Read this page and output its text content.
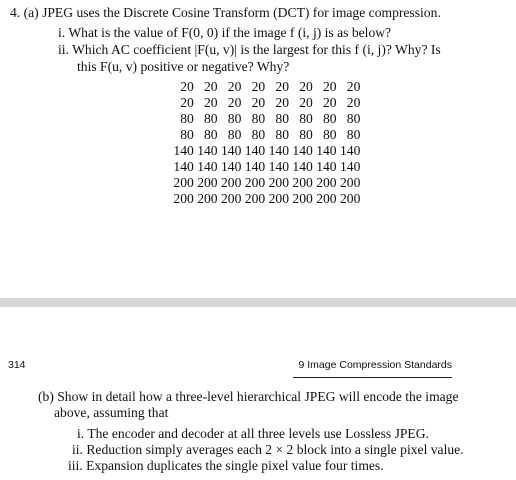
4. (a) JPEG uses the Discrete Cosine Transform (DCT) for image compression.
i. What is the value of F(0, 0) if the image f (i, j) is as below?
ii. Which AC coefficient |F(u, v)| is the largest for this f (i, j)? Why? Is
this F(u, v) positive or negative? Why?
20 20 20 20 20 20 20 20
20 20 20 20 20 20 20 20
80 80 80 80 80 80 80 80
80 80 80 80 80 80 80 80
140 140 140 140 140 140 140 140
140 140 140 140 140 140 140 140
200 200 200 200 200 200 200 200
200 200 200 200 200 200 200 200
314	9 Image Compression Standards
(b) Show in detail how a three-level hierarchical JPEG will encode the image
above, assuming that
i. The encoder and decoder at all three levels use Lossless JPEG.
ii. Reduction simply averages each 2 × 2 block into a single pixel value.
iii. Expansion duplicates the single pixel value four times.
